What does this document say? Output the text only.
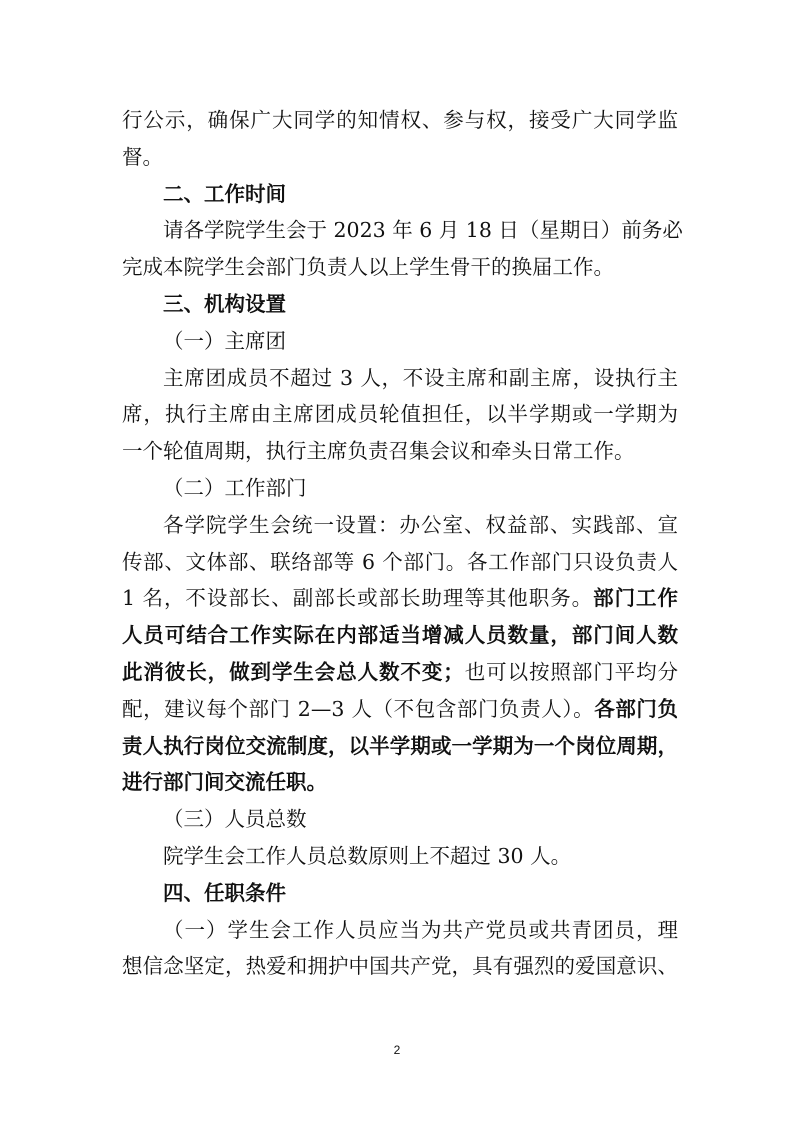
行公示，确保广大同学的知情权、参与权，接受广大同学监
督。
二、工作时间
请各学院学生会于 2023 年 6 月 18 日（星期日）前务必
完成本院学生会部门负责人以上学生骨干的换届工作。
三、机构设置
（一）主席团
主席团成员不超过 3 人，不设主席和副主席，设执行主
席，执行主席由主席团成员轮值担任，以半学期或一学期为
一个轮值周期，执行主席负责召集会议和牵头日常工作。
（二）工作部门
各学院学生会统一设置：办公室、权益部、实践部、宣
传部、文体部、联络部等 6 个部门。各工作部门只设负责人
1 名，不设部长、副部长或部长助理等其他职务。部门工作
人员可结合工作实际在内部适当增减人员数量，部门间人数
此消彼长，做到学生会总人数不变；也可以按照部门平均分
配，建议每个部门 2—3 人（不包含部门负责人）。各部门负
责人执行岗位交流制度，以半学期或一学期为一个岗位周期，
进行部门间交流任职。
（三）人员总数
院学生会工作人员总数原则上不超过 30 人。
四、任职条件
（一）学生会工作人员应当为共产党员或共青团员，理
想信念坚定，热爱和拥护中国共产党，具有强烈的爱国意识、
2
